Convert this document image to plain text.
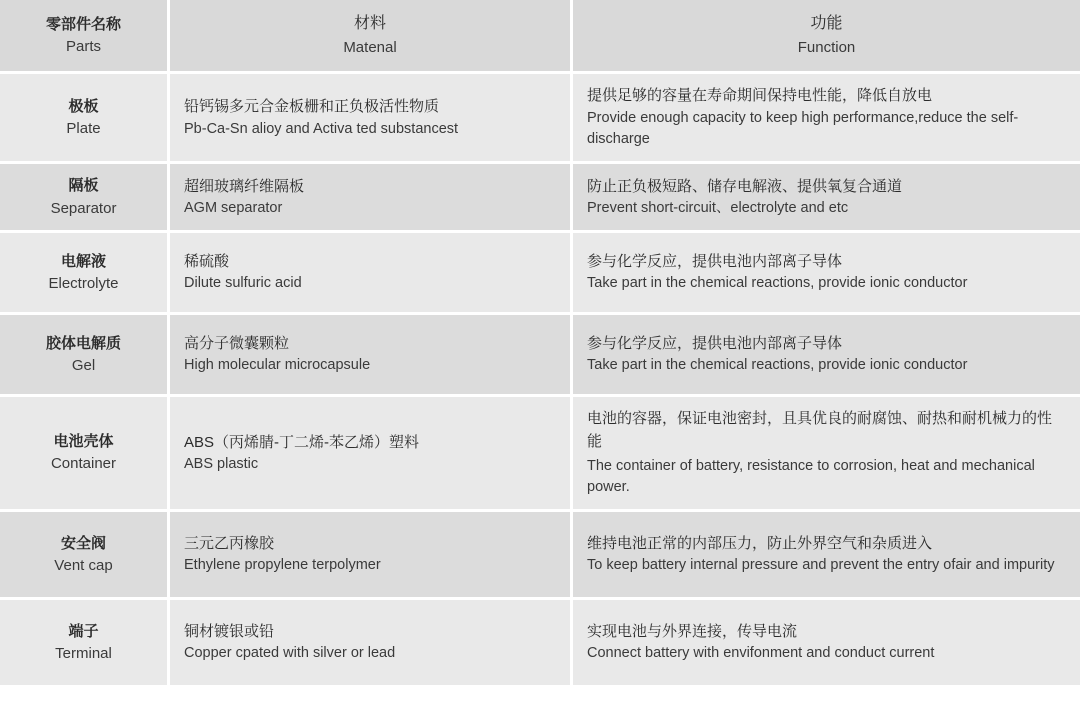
零部件名称
Parts
材料
Matenal
功能
Function
极板
Plate
铅钙锡多元合金板栅和正负极活性物质
Pb-Ca-Sn alioy and Activa ted substancest
提供足够的容量在寿命期间保持电性能，降低自放电
Provide enough capacity to keep high performance,reduce the self-discharge
隔板
Separator
超细玻璃纤维隔板
AGM separator
防止正负极短路、储存电解液、提供氧复合通道
Prevent short-circuit、electrolyte and etc
电解液
Electrolyte
稀硫酸
Dilute sulfuric acid
参与化学反应，提供电池内部离子导体
Take part in the chemical reactions, provide ionic conductor
胶体电解质
Gel
高分子微囊颗粒
High molecular microcapsule
参与化学反应，提供电池内部离子导体
Take part in the chemical reactions, provide ionic conductor
电池壳体
Container
ABS（丙烯腈-丁二烯-苯乙烯）塑料
ABS plastic
电池的容器，保证电池密封，且具优良的耐腐蚀、耐热和耐机械力的性能
The container of battery, resistance to corrosion, heat and mechanical power.
安全阀
Vent cap
三元乙丙橡胶
Ethylene propylene terpolymer
维持电池正常的内部压力，防止外界空气和杂质进入
To keep battery internal pressure and prevent the entry ofair and impurity
端子
Terminal
铜材镀银或铅
Copper cpated with silver or lead
实现电池与外界连接，传导电流
Connect battery with envifonment and conduct current
